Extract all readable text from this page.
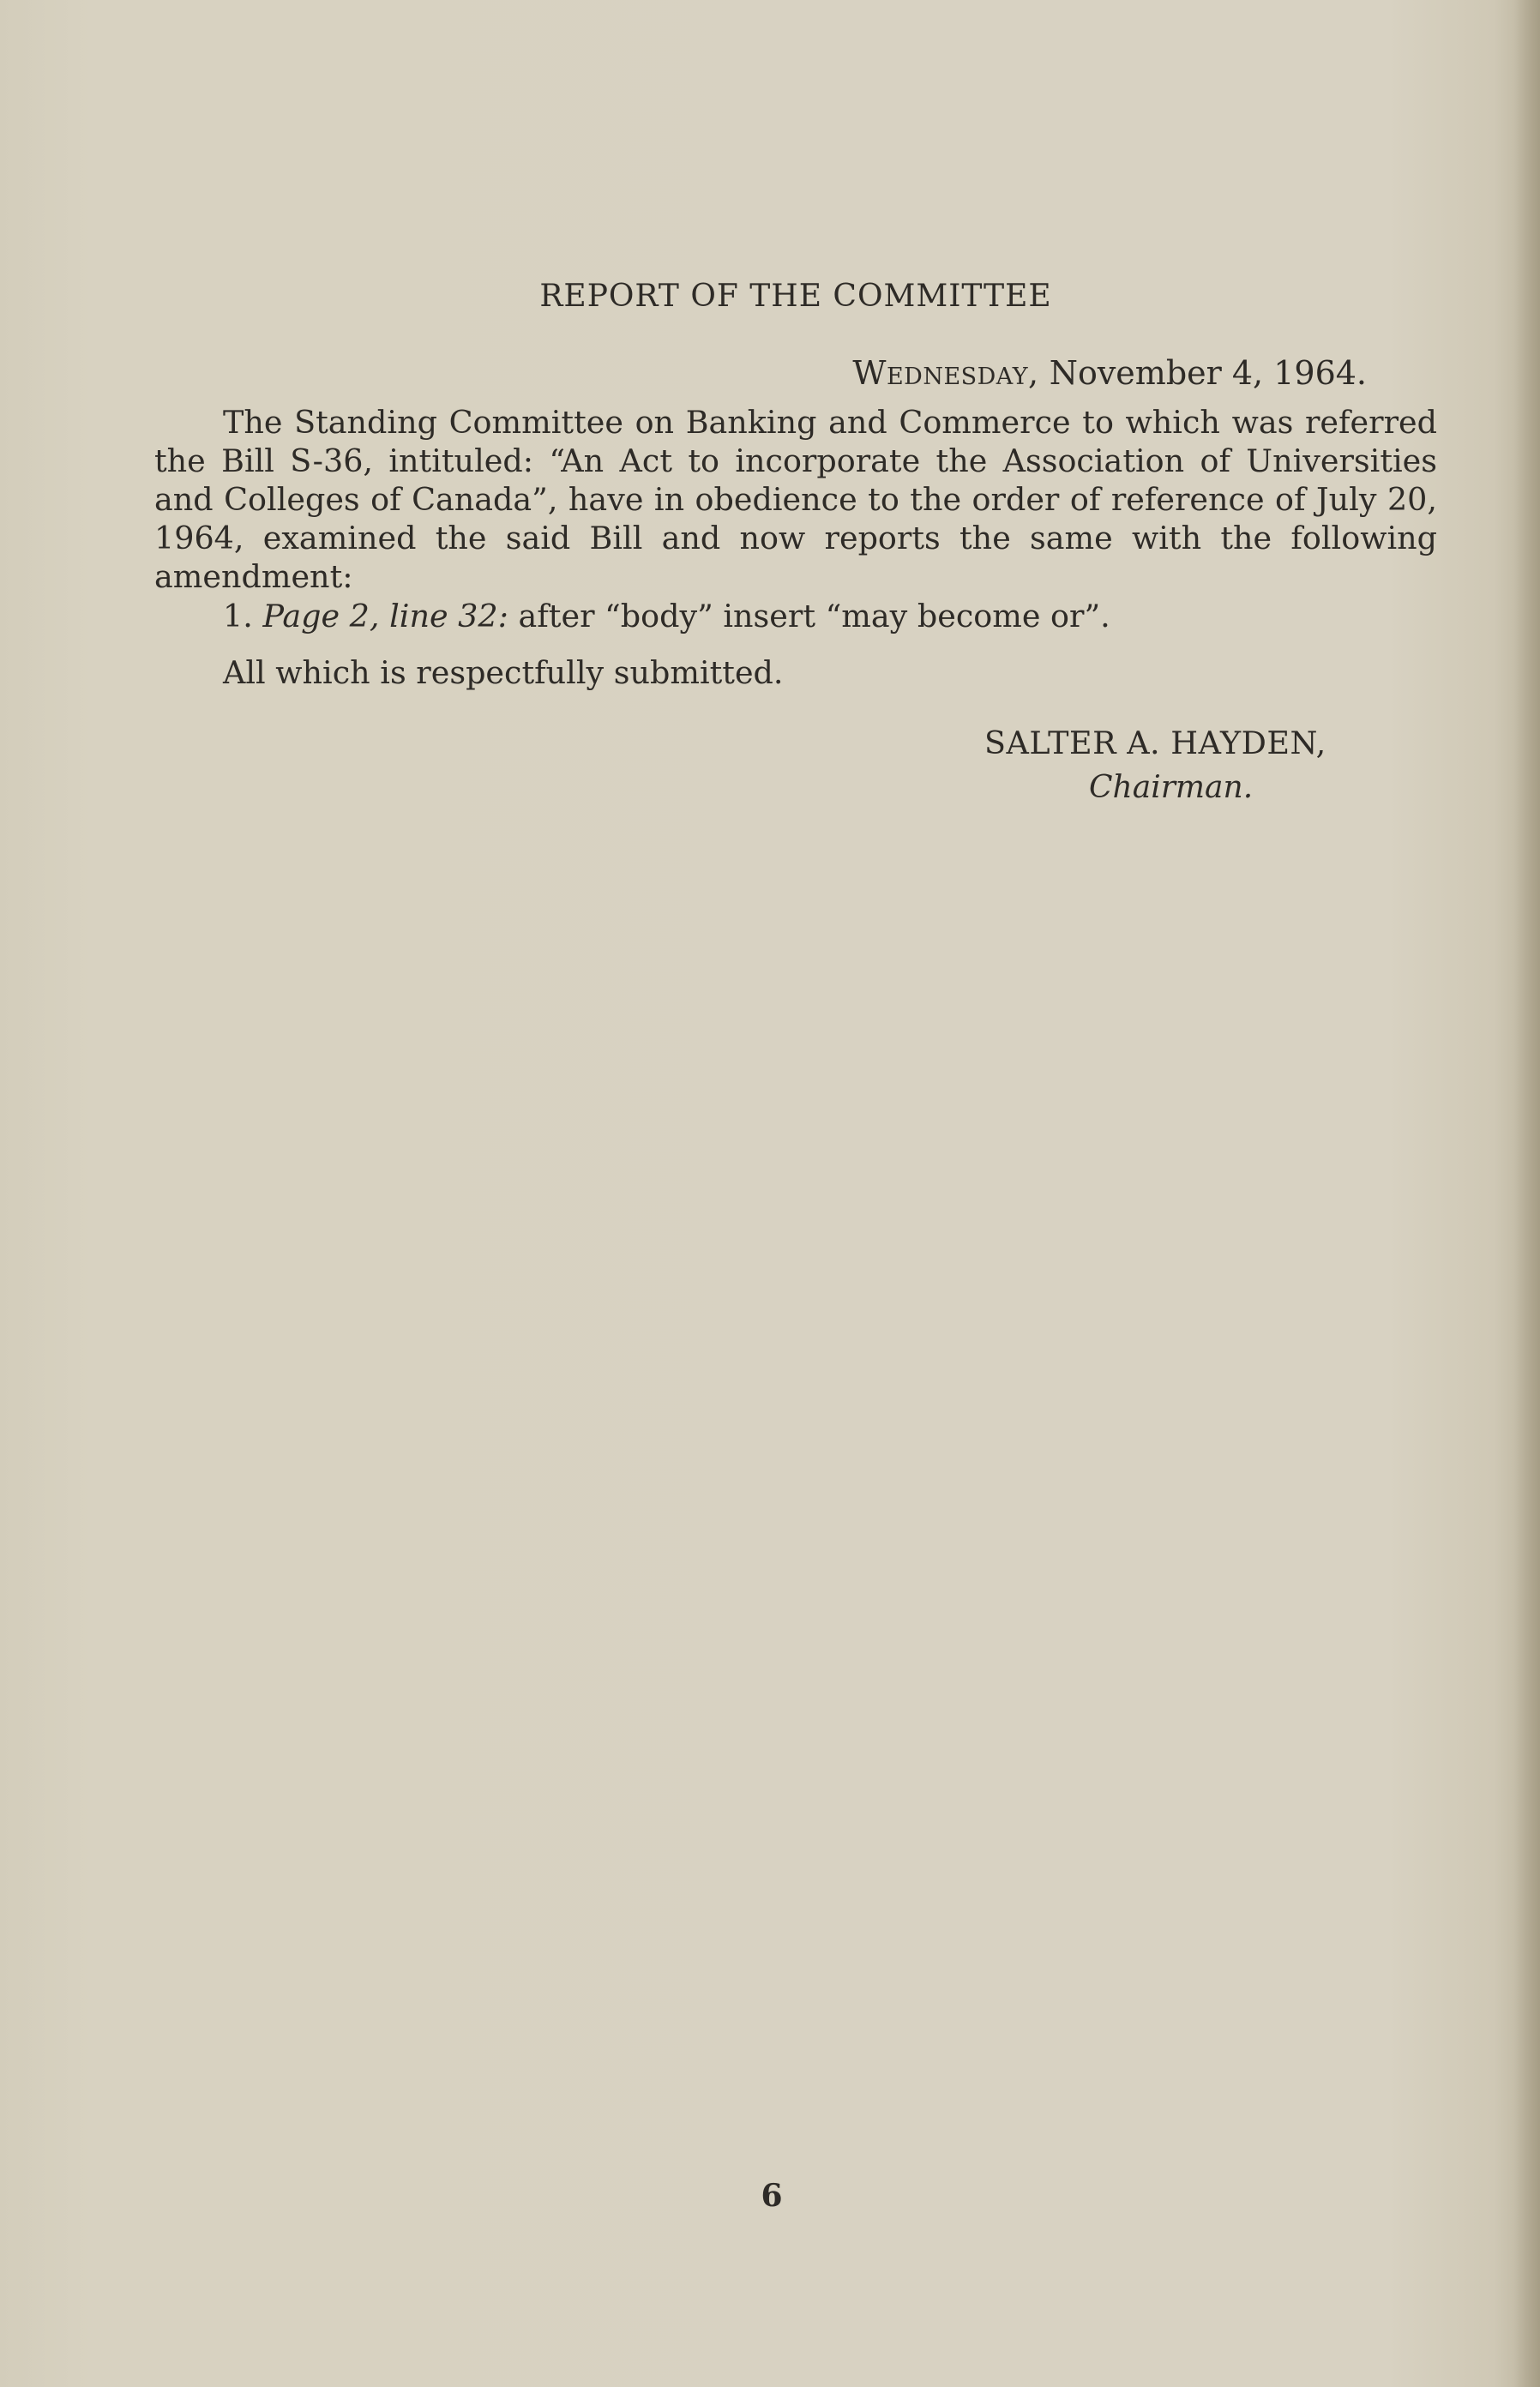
REPORT OF THE COMMITTEE
Wednesday, November 4, 1964.
The Standing Committee on Banking and Commerce to which was referred the Bill S-36, intituled: “An Act to incorporate the Association of Universities and Colleges of Canada”, have in obedience to the order of reference of July 20, 1964, examined the said Bill and now reports the same with the following amendment:
1. Page 2, line 32: after “body” insert “may become or”.
All which is respectfully submitted.
SALTER A. HAYDEN,
Chairman.
6
